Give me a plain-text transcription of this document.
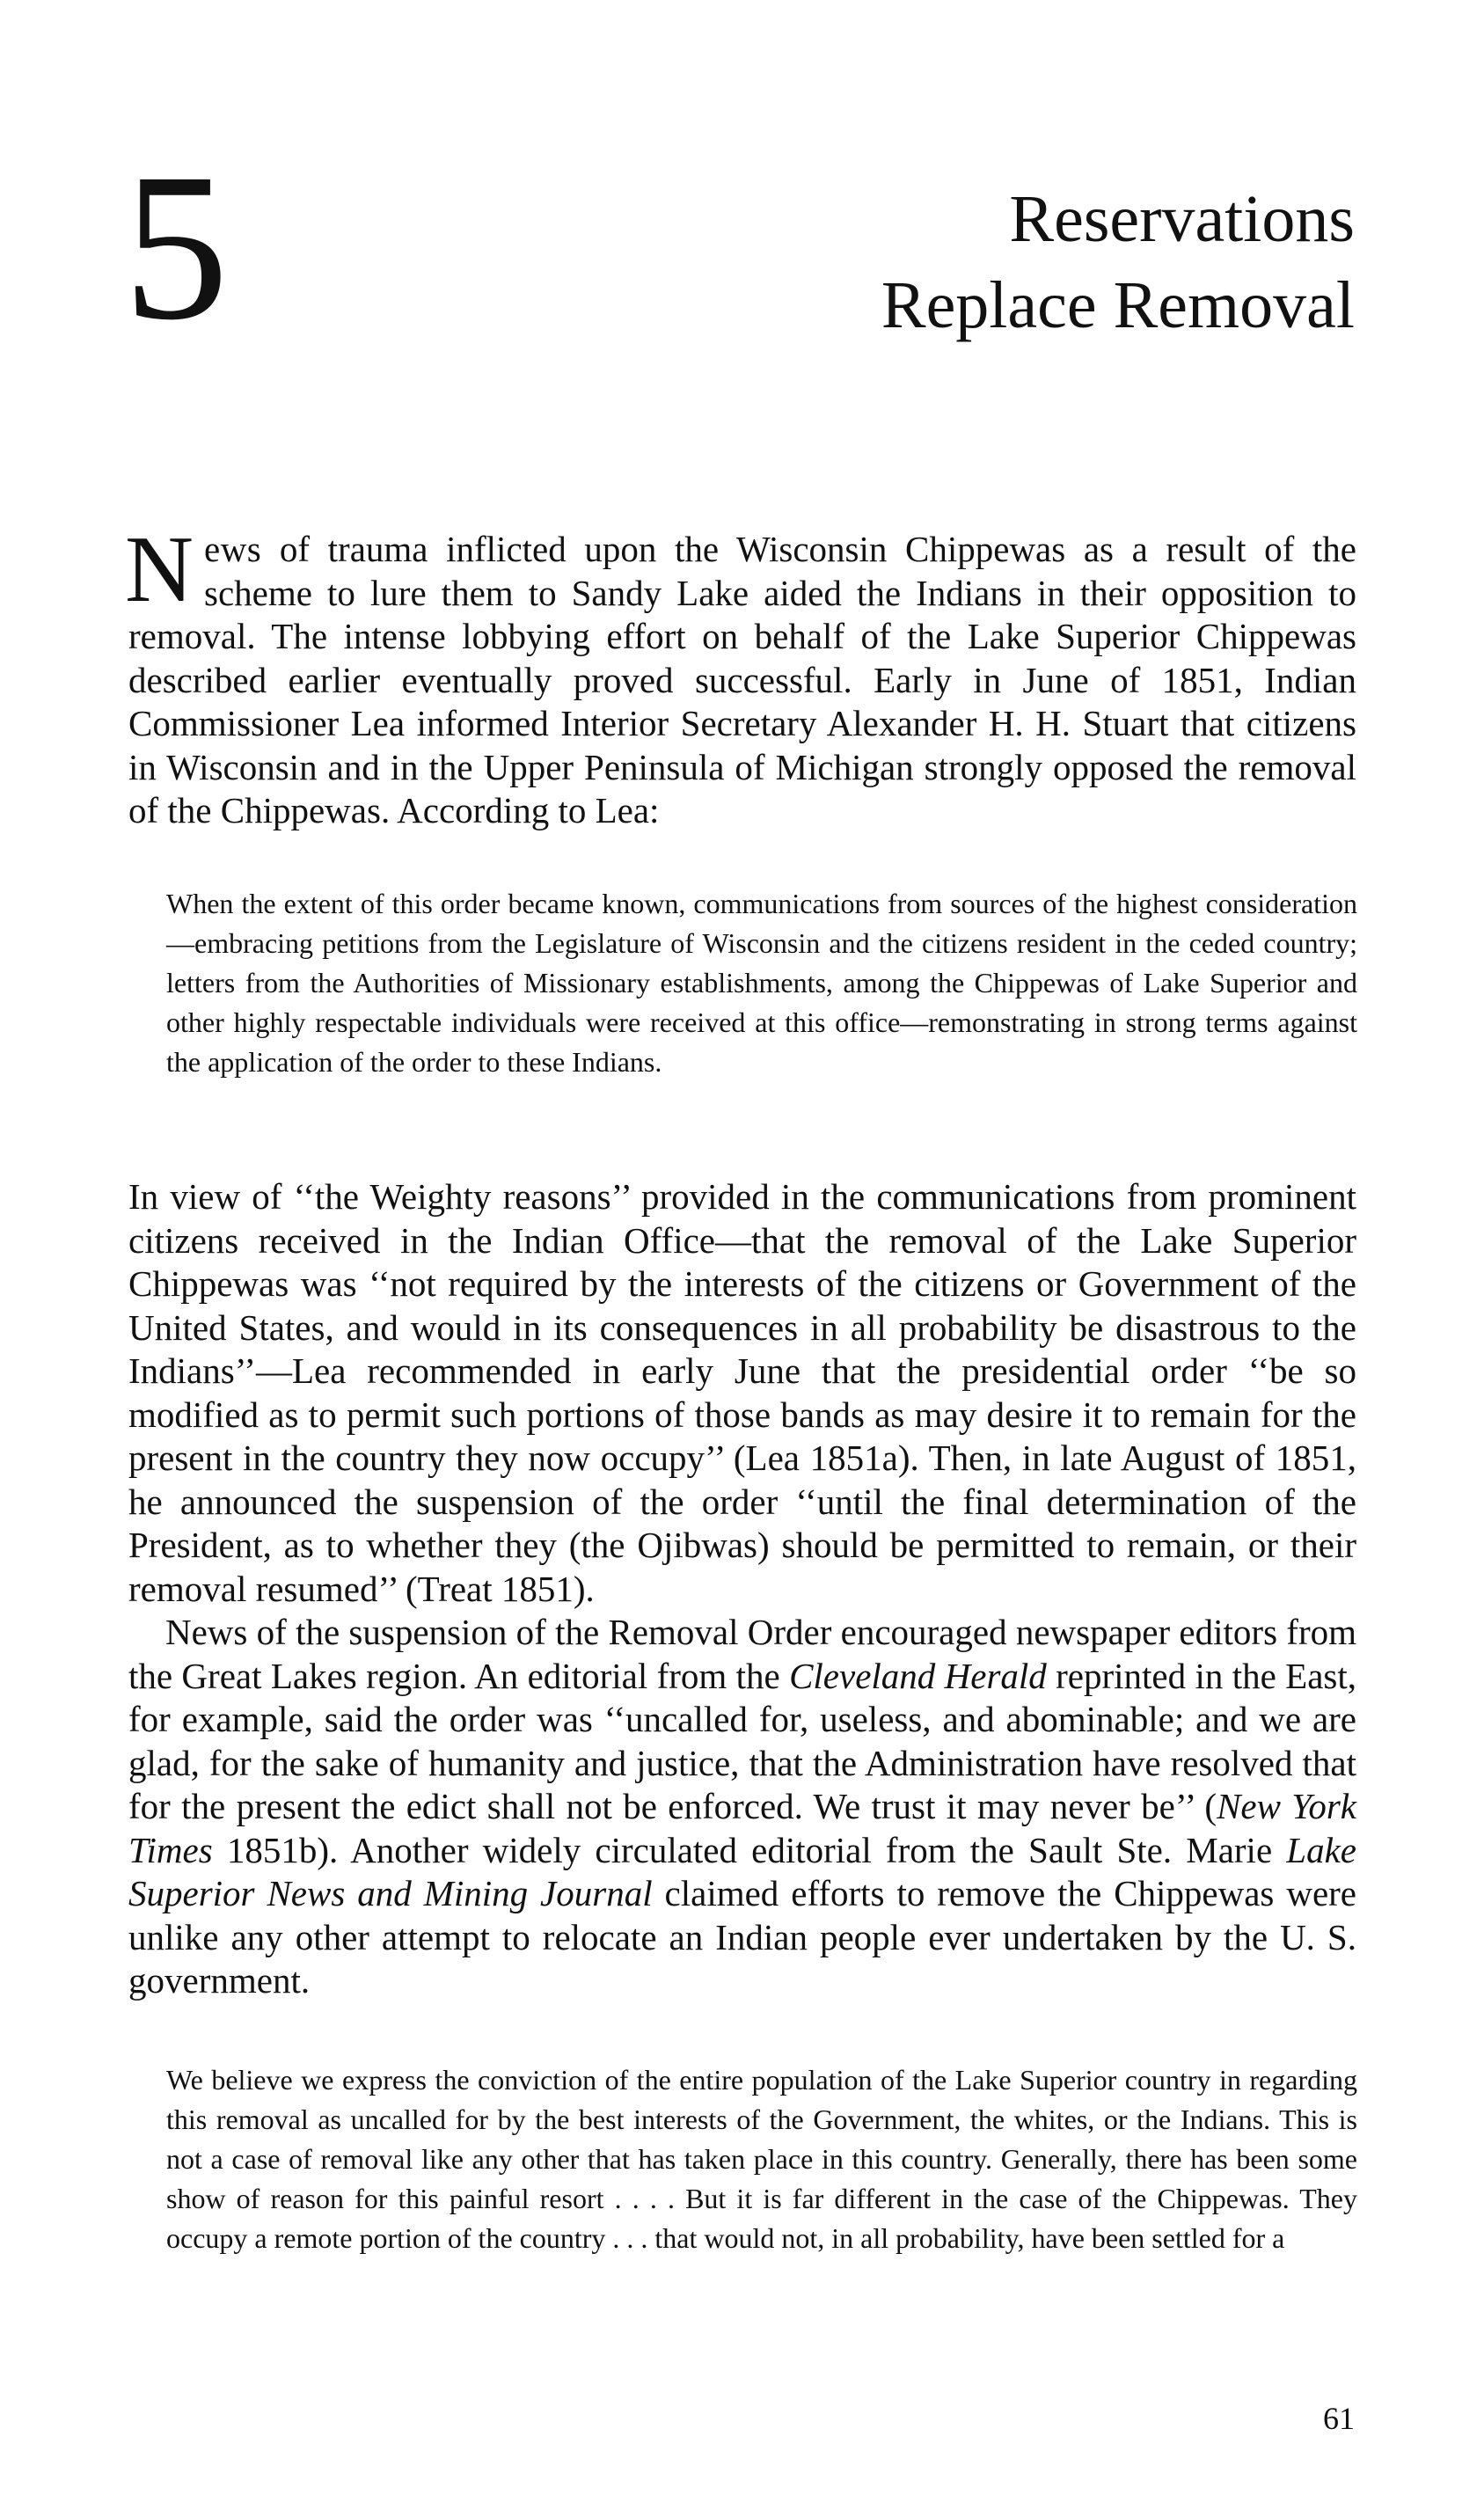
5	Reservations
Replace Removal

News of trauma inflicted upon the Wisconsin Chippewas as a result of the scheme to lure them to Sandy Lake aided the Indians in their opposition to removal. The intense lobbying effort on behalf of the Lake Superior Chippewas described earlier eventually proved successful. Early in June of 1851, Indian Commissioner Lea informed Interior Secretary Alexander H. H. Stuart that citizens in Wisconsin and in the Upper Peninsula of Michigan strongly opposed the removal of the Chippewas. According to Lea:

When the extent of this order became known, communications from sources of the highest consideration—embracing petitions from the Legislature of Wisconsin and the citizens resident in the ceded country; letters from the Authorities of Missionary establishments, among the Chippewas of Lake Superior and other highly respectable individuals were received at this office—remonstrating in strong terms against the application of the order to these Indians.

In view of ‘‘the Weighty reasons’’ provided in the communications from prominent citizens received in the Indian Office—that the removal of the Lake Superior Chippewas was ‘‘not required by the interests of the citizens or Government of the United States, and would in its consequences in all probability be disastrous to the Indians’’—Lea recommended in early June that the presidential order ‘‘be so modified as to permit such portions of those bands as may desire it to remain for the present in the country they now occupy’’ (Lea 1851a). Then, in late August of 1851, he announced the suspension of the order ‘‘until the final determination of the President, as to whether they (the Ojibwas) should be permitted to remain, or their removal resumed’’ (Treat 1851).

News of the suspension of the Removal Order encouraged newspaper editors from the Great Lakes region. An editorial from the Cleveland Herald reprinted in the East, for example, said the order was ‘‘uncalled for, useless, and abominable; and we are glad, for the sake of humanity and justice, that the Administration have resolved that for the present the edict shall not be enforced. We trust it may never be’’ (New York Times 1851b). Another widely circulated editorial from the Sault Ste. Marie Lake Superior News and Mining Journal claimed efforts to remove the Chippewas were unlike any other attempt to relocate an Indian people ever undertaken by the U. S. government.

We believe we express the conviction of the entire population of the Lake Superior country in regarding this removal as uncalled for by the best interests of the Government, the whites, or the Indians. This is not a case of removal like any other that has taken place in this country. Generally, there has been some show of reason for this painful resort . . . . But it is far different in the case of the Chippewas. They occupy a remote portion of the country . . . that would not, in all probability, have been settled for a

61
